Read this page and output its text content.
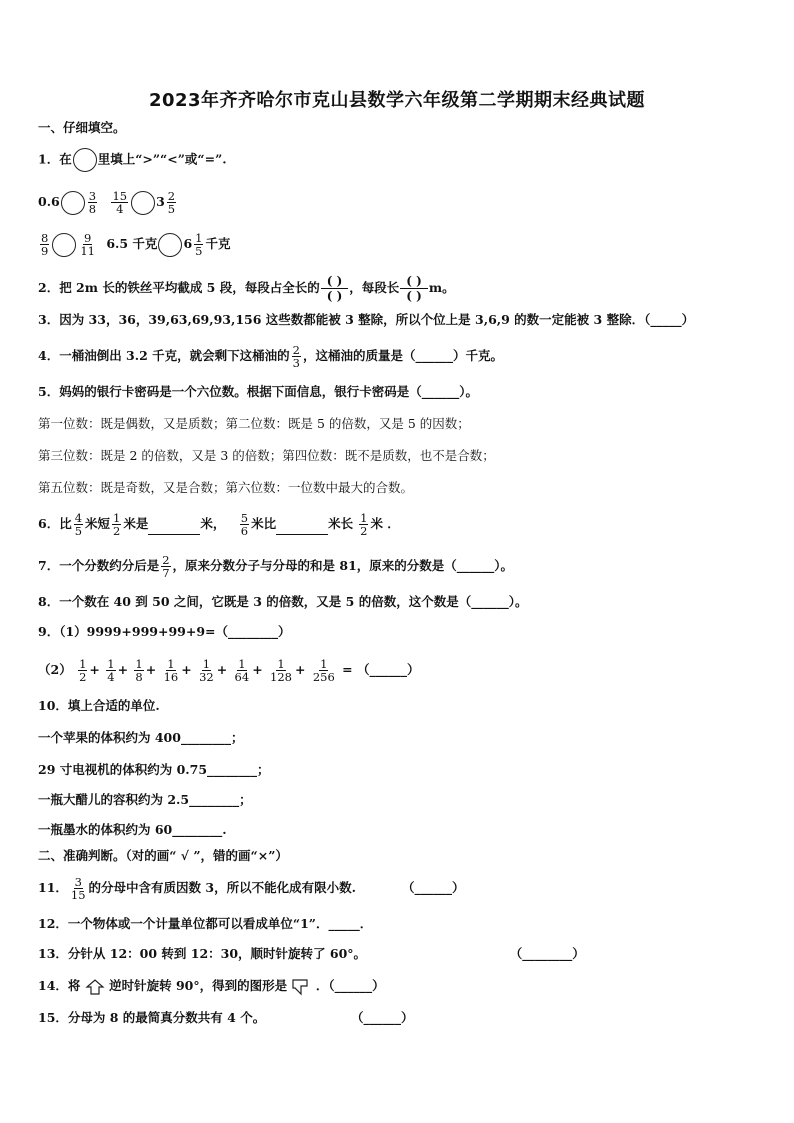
2023年齐齐哈尔市克山县数学六年级第二学期期末经典试题
一、仔细填空。
1．在 里填上“>”“<”或“=”.
$0.6 \frac{3}{8}$
$\frac{15}{4} 3 \frac{2}{5}$
$\frac{8}{9}$	$\frac{9}{11} 6.5$ 千克 $6 \frac{1}{5}$ 千克
2．把 2m 长的铁丝平均截成 5 段，每段占全长的 $\frac{( )}{( )}$ ，每段长 $\frac{( )}{( )}$ m。
3．因为 33，36，39,63,69,93,156 这些数都能被 3 整除，所以个位上是 3,6,9 的数一定能被 3 整除．（_____）
4．一桶油倒出 3.2 千克，就会剩下这桶油的 $\frac{2}{3}$ ，这桶油的质量是（______）千克。
5．妈妈的银行卡密码是一个六位数。根据下面信息，银行卡密码是（______）。
第一位数：既是偶数，又是质数；第二位数：既是 5 的倍数，又是 5 的因数；
第三位数：既是 2 的倍数，又是 3 的倍数；第四位数：既不是质数，也不是合数；
第五位数：既是奇数，又是合数；第六位数：一位数中最大的合数。
6．比 $\frac{4}{5}$ 米短 $\frac{1}{2}$ 米是	米， $\frac{5}{6}$ 米比	米长 $\frac{1}{2}$ 米 ．
7．一个分数约分后是 $\frac{2}{7}$ ，原来分数分子与分母的和是 81，原来的分数是（______）。
8．一个数在 40 到 50 之间，它既是 3 的倍数，又是 5 的倍数，这个数是（______）。
9．（1）9999+999+99+9=（________）
$(2) \frac{1}{2} + \frac{1}{4} + \frac{1}{8} + \frac{1}{16} + \frac{1}{32} + \frac{1}{64} + \frac{1}{128} + \frac{1}{256}$ = （______）
10．填上合适的单位.
一个苹果的体积约为 400________；
29 寸电视机的体积约为 0.75________；
一瓶大醋儿的容积约为 2.5________；
一瓶墨水的体积约为 60________.
二、准确判断。（对的画“ √ ”，错的画“×”）
11． $\frac{3}{15}$ 的分母中含有质因数 3，所以不能化成有限小数.	（______）
12．一个物体或一个计量单位都可以看成单位“1”．_____．
13．分针从 12：00 转到 12：30，顺时针旋转了 60°。	（________）
14．将 逆时针旋转 90°，得到的图形是 ．（______）
15．分母为 8 的最简真分数共有 4 个。	（______）
